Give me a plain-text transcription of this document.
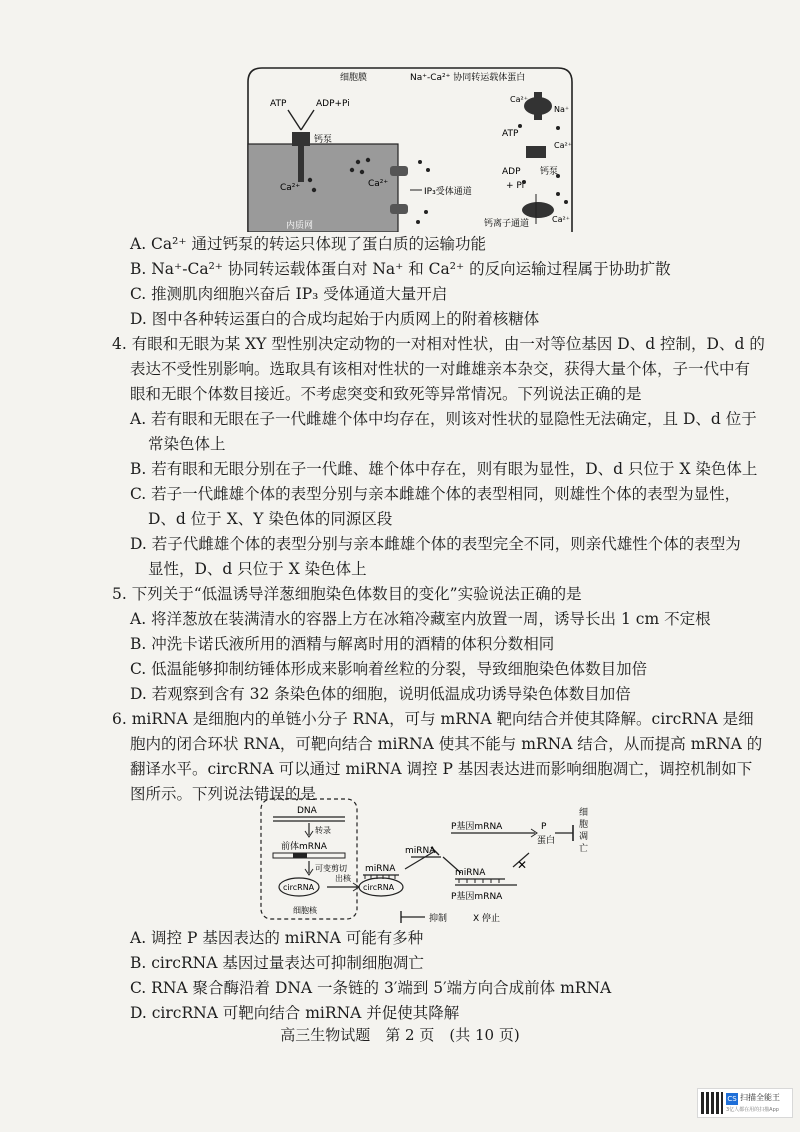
细胞膜	Na⁺-Ca²⁺ 协同转运载体蛋白
ATP	ADP+Pi
钙泵
Ca²⁺	Ca²⁺
IP₃受体通道
内质网
Ca²⁺
Na⁺
ATP
Ca²⁺
ADP
+ Pi
钙泵
钙离子通道	Ca²⁺
A. Ca²⁺ 通过钙泵的转运只体现了蛋白质的运输功能
B. Na⁺-Ca²⁺ 协同转运载体蛋白对 Na⁺ 和 Ca²⁺ 的反向运输过程属于协助扩散
C. 推测肌肉细胞兴奋后 IP₃ 受体通道大量开启
D. 图中各种转运蛋白的合成均起始于内质网上的附着核糖体
4. 有眼和无眼为某 XY 型性别决定动物的一对相对性状，由一对等位基因 D、d 控制，D、d 的
表达不受性别影响。选取具有该相对性状的一对雌雄亲本杂交，获得大量个体，子一代中有
眼和无眼个体数目接近。不考虑突变和致死等异常情况。下列说法正确的是
A. 若有眼和无眼在子一代雌雄个体中均存在，则该对性状的显隐性无法确定，且 D、d 位于
常染色体上
B. 若有眼和无眼分别在子一代雌、雄个体中存在，则有眼为显性，D、d 只位于 X 染色体上
C. 若子一代雌雄个体的表型分别与亲本雌雄个体的表型相同，则雄性个体的表型为显性，
D、d 位于 X、Y 染色体的同源区段
D. 若子代雌雄个体的表型分别与亲本雌雄个体的表型完全不同，则亲代雄性个体的表型为
显性，D、d 只位于 X 染色体上
5. 下列关于“低温诱导洋葱细胞染色体数目的变化”实验说法正确的是
A. 将洋葱放在装满清水的容器上方在冰箱冷藏室内放置一周，诱导长出 1 cm 不定根
B. 冲洗卡诺氏液所用的酒精与解离时用的酒精的体积分数相同
C. 低温能够抑制纺锤体形成来影响着丝粒的分裂，导致细胞染色体数目加倍
D. 若观察到含有 32 条染色体的细胞，说明低温成功诱导染色体数目加倍
6. miRNA 是细胞内的单链小分子 RNA，可与 mRNA 靶向结合并使其降解。circRNA 是细
胞内的闭合环状 RNA，可靶向结合 miRNA 使其不能与 mRNA 结合，从而提高 mRNA 的
翻译水平。circRNA 可以通过 miRNA 调控 P 基因表达进而影响细胞凋亡，调控机制如下
图所示。下列说法错误的是
✕
DNA
转录
前体mRNA
可变剪切
circRNA
细胞核
出核
circRNA
miRNA
miRNA
P基因mRNA	P
蛋白
细
胞
凋
亡
miRNA
P基因mRNA
抑制	X 停止
A. 调控 P 基因表达的 miRNA 可能有多种
B. circRNA 基因过量表达可抑制细胞凋亡
C. RNA 聚合酶沿着 DNA 一条链的 3′端到 5′端方向合成前体 mRNA
D. circRNA 可靶向结合 miRNA 并促使其降解
高三生物试题　第 2 页　(共 10 页)
CS 扫描全能王
3亿人都在用的扫描App
